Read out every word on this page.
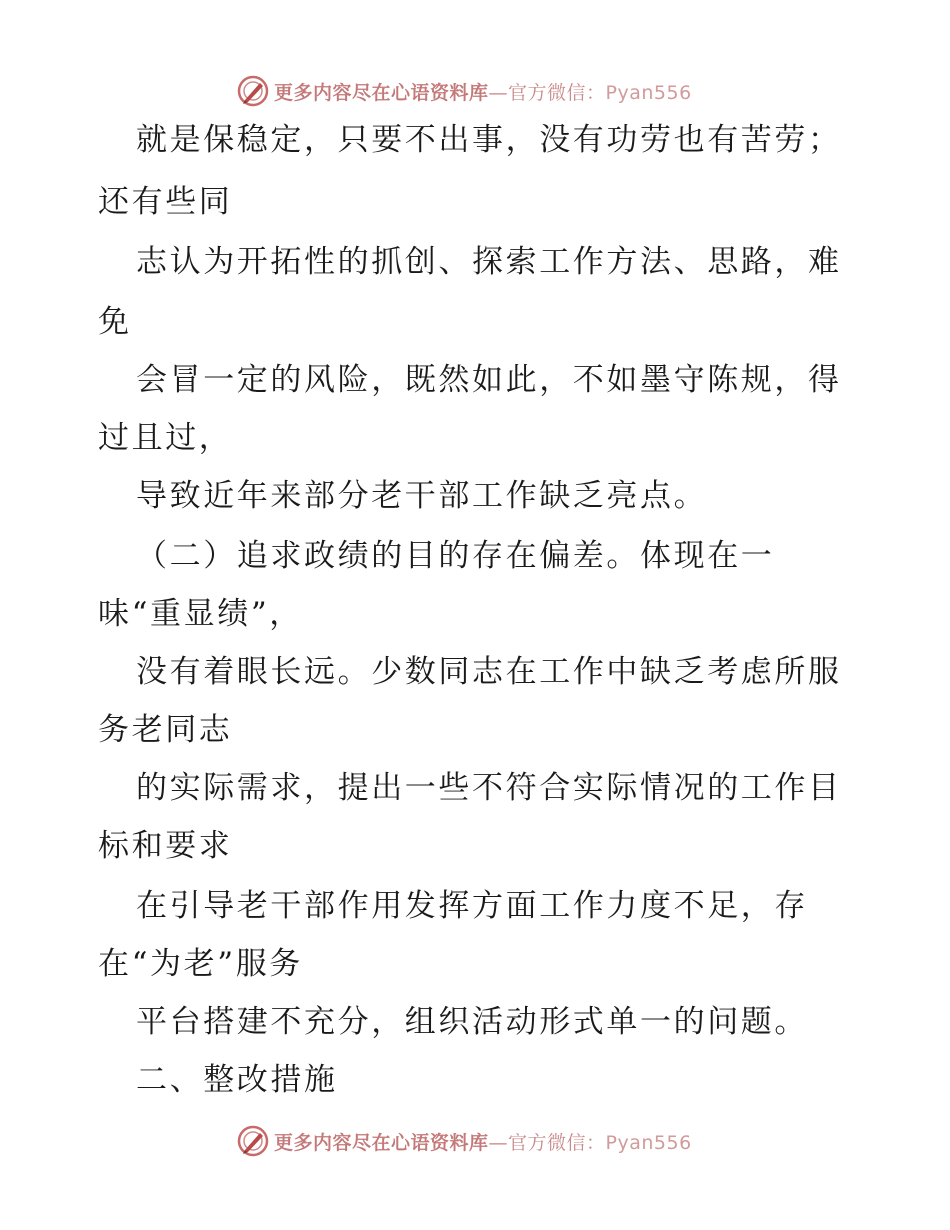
更多内容尽在心语资料库—官方微信：Pyan556
就是保稳定，只要不出事，没有功劳也有苦劳；
还有些同
志认为开拓性的抓创、探索工作方法、思路，难
免
会冒一定的风险，既然如此，不如墨守陈规，得
过且过，
导致近年来部分老干部工作缺乏亮点。
（二）追求政绩的目的存在偏差。体现在一
味“重显绩”，
没有着眼长远。少数同志在工作中缺乏考虑所服
务老同志
的实际需求，提出一些不符合实际情况的工作目
标和要求
在引导老干部作用发挥方面工作力度不足，存
在“为老”服务
平台搭建不充分，组织活动形式单一的问题。
二、整改措施
更多内容尽在心语资料库—官方微信：Pyan556
